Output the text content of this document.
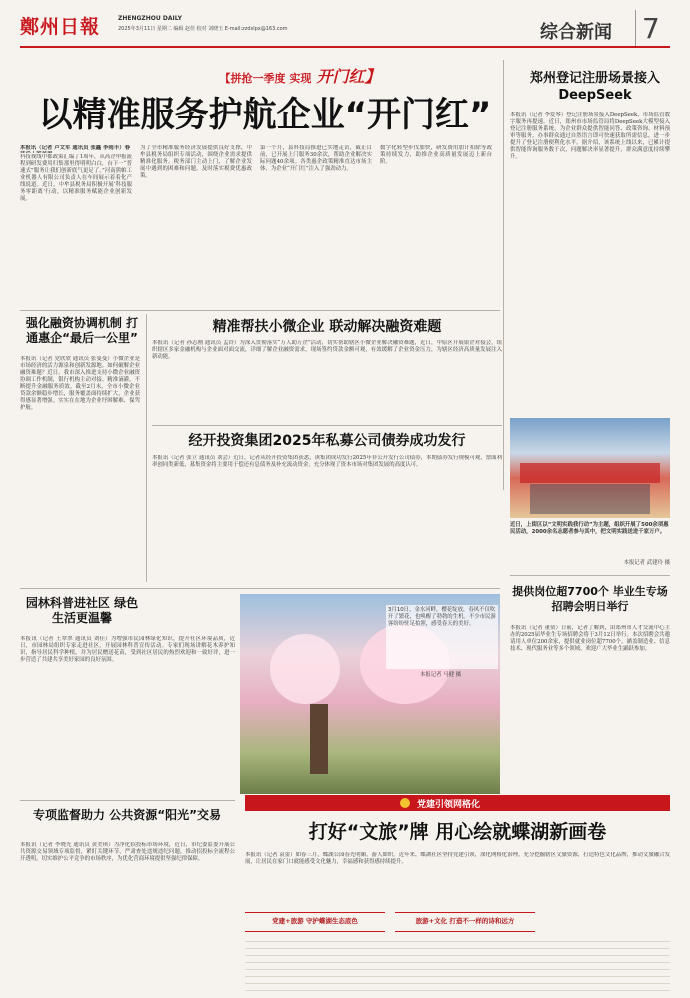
鄭州日報	ZHENGZHOU DAILY
2025年3月11日 星期二 编辑 赵佳 校对 刘晓玉 E-mail:zzdslpx@163.com	综合新闻 7
【拼抢一季度 实现 开门红】
以精准服务护航企业“开门红”
本报讯（记者 卢文军 通讯员 张鑫 李雨丰）春
科技视线中都政策汇编了1周年，从高企申报流程到研发费用归集那里得明明白白，台下一“普速式”服务让我们创新底气更足了。”河南熊帕工业机器人有限公司负责人在车间展示着着化产线说道。近日，中牟县税务局积极开展‘科技服务零距离’行动，以精准服务赋能企业创新发展。
为了全市精准服务经济发展提供良好支撑，中牟县税务局组织专项活动，围绕企业需求提供精准化服务。税务部门主动上门，了解企业发展中遇到的困难和问题，及时落实税费优惠政策。
第一个月，县科技局推进已实地走访，截止目前，已开展上门服务30余次，帮助企业解决实际问题40余项。各类惠企政策精准直达市场主体，为企业“开门红”注入了强劲动力。
数字化转型步伐加快，研发费用加计扣除等政策持续发力，助推企业高质量发展迈上新台阶。
郑州登记注册场景接入DeepSeek
本报讯（记者 李爱琴）登记注册场景接入DeepSeek，市场监管数字服务再提速。近日，郑州市市场监管局将DeepSeek大模型接入登记注册服务系统，为企业群众提供智能问答、政策咨询、材料预审等服务，办事群众通过自然语言即可快速获取所需信息，进一步提升了登记注册便利化水平。据介绍，该系统上线以来，已累计提供智能咨询服务数千次，问题解决率显著提升，群众满意度持续攀升。
近日，上街区以“文明实践我行动”为主题，组织开展了500余项惠民活动，2000余名志愿者参与其中，把文明实践送进千家万户。
本报记者 武建玲 摄
强化融资协调机制 打通惠企“最后一公里”
本报讯（记者 党欣欣 通讯员 张曼曼）小微企业是市场经济的活力源泉和创新发源地。如何破解企业融资难题？近日，我市深入推进支持小微企业融资协调工作机制，银行机构主动对接、精准滴灌，不断提升金融服务质效。截至2月末，全市小微企业贷款余额稳步增长，服务覆盖面持续扩大，企业获得感显著增强。实实在在地为企业纾困解难、保驾护航。
精准帮扶小微企业 联动解决融资难题
本报讯（记者 孙志刚 通讯员 孟铃）为深入贯彻落实“万人助万企”活动，切实帮助辖区小微企业解决融资难题，近日，中原区开展银企对接会，组织辖区多家金融机构与企业面对面交流，详细了解企业融资需求，现场签约贷款金额可观，有效缓解了企业资金压力，为辖区经济高质量发展注入新动能。
经开投资集团2025年私募公司债券成功发行
本报讯（记者 张立 通讯员 刘会）近日，记者从经开投资集团获悉，该集团成功发行2025年非公开发行公司债券，本期债券发行规模可观，票面利率创同类新低，募集资金将主要用于偿还有息债务及补充流动资金，充分体现了资本市场对集团发展的高度认可。
园林科普进社区 绿色生活更温馨
本报讯（记者 王翠翠 通讯员 刘佳）为增强市民园林绿化知识，提升社区环境品质，近日，市园林局组织专家走进社区，开展园林科普宣传活动。专家们现场讲解花木养护知识，指导居民科学种植，并为居民赠送花苗，受到社区居民的热烈欢迎和一致好评，进一步营造了共建共享美好家园的良好氛围。
3月10日，金水河畔，樱花绽放，春风不仅吹开了繁花，也唤醒了勃勃的生机。不少市民游客纷纷驻足拍照，感受春天的美好。
本报记者 马健 摄
提供岗位超7700个 毕业生专场招聘会明日举行
本报讯（记者 董倩）日前，记者了解到，由郑州市人才交流中心主办的2025届毕业生专场招聘会将于3月12日举行。本次招聘会共邀请用人单位200余家，提供就业岗位超7700个，涵盖制造业、信息技术、现代服务业等多个领域，欢迎广大毕业生踊跃参加。
专项监督助力 公共资源“阳光”交易
本报讯（记者 李晓光 通讯员 黄美琪）为净化招投标市场环境，近日，市纪委监委开展公共资源交易领域专项监督，紧盯关键环节，严肃查处违规违纪问题，推动招投标全流程公开透明，切实维护公平竞争的市场秩序，为优化营商环境提供坚强纪律保障。
党建引领网格化
打好“文旅”牌 用心绘就蝶湖新画卷
本报讯（记者 袁蕾）如春三月，蝶湖公园春光明媚，游人如织。近年来，蝶湖社区坚持党建引领，深化网格化治理，充分挖掘辖区文旅资源，打造特色文化品牌，推动文旅融合发展，让居民在家门口就能感受文化魅力，幸福感和获得感持续提升。
党建+旅游 守护蝶湖生态底色	旅游+文化 打造不一样的诗和远方
